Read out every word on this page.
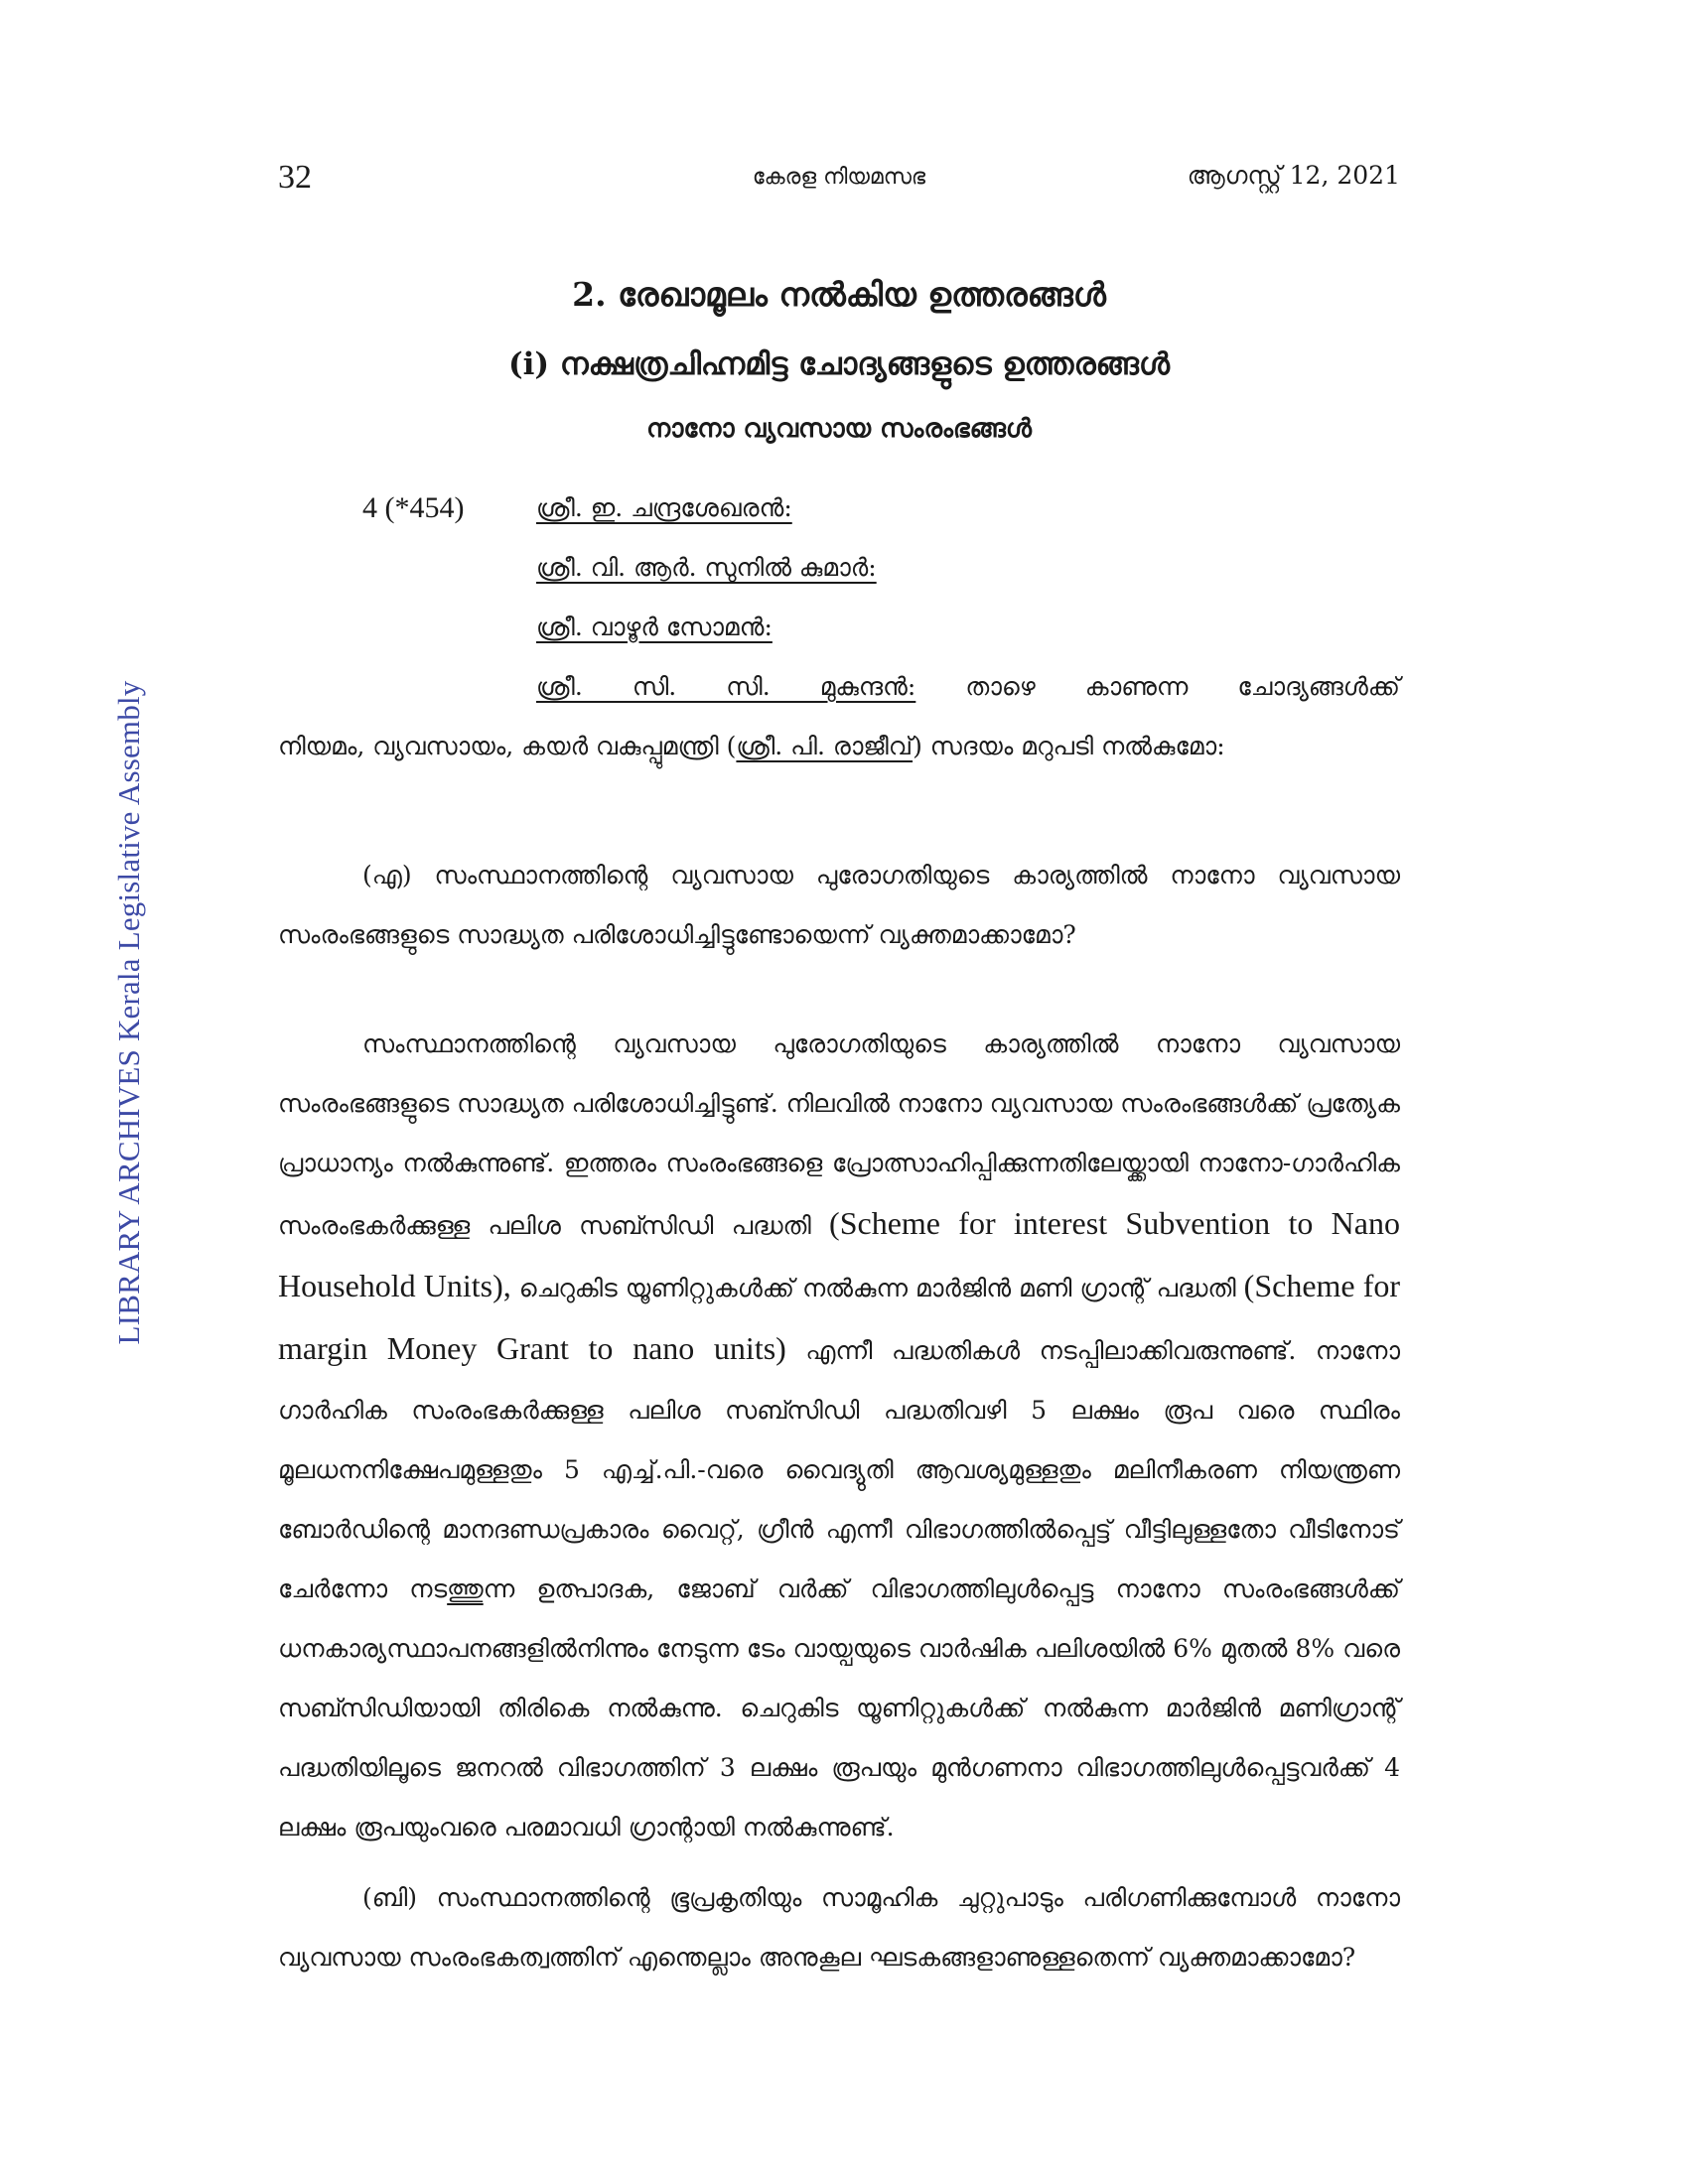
LIBRARY ARCHIVES Kerala Legislative Assembly
32	കേരള നിയമസഭ	ആഗസ്റ്റ് 12, 2021
2. രേഖാമൂലം നൽകിയ ഉത്തരങ്ങൾ
(i) നക്ഷത്രചിഹ്നമിട്ട ചോദ്യങ്ങളുടെ ഉത്തരങ്ങൾ
നാനോ വ്യവസായ സംരംഭങ്ങൾ
4 (*454)	ശ്രീ. ഇ. ചന്ദ്രശേഖരൻ:
ശ്രീ. വി. ആർ. സുനിൽ കുമാർ:
ശ്രീ. വാഴൂർ സോമൻ:
ശ്രീ. സി. സി. മുകുന്ദൻ: താഴെ കാണുന്ന ചോദ്യങ്ങൾക്ക്
നിയമം, വ്യവസായം, കയർ വകുപ്പുമന്ത്രി (ശ്രീ. പി. രാജീവ്) സദയം മറുപടി നൽകുമോ:
(എ) സംസ്ഥാനത്തിന്റെ വ്യവസായ പുരോഗതിയുടെ കാര്യത്തിൽ നാനോ വ്യവസായ സംരംഭങ്ങളുടെ സാദ്ധ്യത പരിശോധിച്ചിട്ടുണ്ടോയെന്ന് വ്യക്തമാക്കാമോ?
സംസ്ഥാനത്തിന്റെ വ്യവസായ പുരോഗതിയുടെ കാര്യത്തിൽ നാനോ വ്യവസായ സംരംഭങ്ങളുടെ സാദ്ധ്യത പരിശോധിച്ചിട്ടുണ്ട്. നിലവിൽ നാനോ വ്യവസായ സംരംഭങ്ങൾക്ക് പ്രത്യേക പ്രാധാന്യം നൽകുന്നുണ്ട്. ഇത്തരം സംരംഭങ്ങളെ പ്രോത്സാഹിപ്പിക്കുന്നതിലേയ്ക്കായി നാനോ-ഗാർഹിക സംരംഭകർക്കുള്ള പലിശ സബ്സിഡി പദ്ധതി (Scheme for interest Subvention to Nano Household Units), ചെറുകിട യൂണിറ്റുകൾക്ക് നൽകുന്ന മാർജിൻ മണി ഗ്രാന്റ് പദ്ധതി (Scheme for margin Money Grant to nano units) എന്നീ പദ്ധതികൾ നടപ്പിലാക്കിവരുന്നുണ്ട്. നാനോ ഗാർഹിക സംരംഭകർക്കുള്ള പലിശ സബ്സിഡി പദ്ധതിവഴി 5 ലക്ഷം രൂപ വരെ സ്ഥിരം മൂലധനനിക്ഷേപമുള്ളതും 5 എച്ച്.പി.-വരെ വൈദ്യുതി ആവശ്യമുള്ളതും മലിനീകരണ നിയന്ത്രണ ബോർഡിന്റെ മാനദണ്ഡപ്രകാരം വൈറ്റ്, ഗ്രീൻ എന്നീ വിഭാഗത്തിൽപ്പെട്ട് വീട്ടിലുള്ളതോ വീടിനോട് ചേർന്നോ നടത്തുന്ന ഉത്പാദക, ജോബ് വർക്ക് വിഭാഗത്തിലുൾപ്പെട്ട നാനോ സംരംഭങ്ങൾക്ക് ധനകാര്യസ്ഥാപനങ്ങളിൽനിന്നും നേടുന്ന ടേം വായ്പയുടെ വാർഷിക പലിശയിൽ 6% മുതൽ 8% വരെ സബ്സിഡിയായി തിരികെ നൽകുന്നു. ചെറുകിട യൂണിറ്റുകൾക്ക് നൽകുന്ന മാർജിൻ മണിഗ്രാന്റ് പദ്ധതിയിലൂടെ ജനറൽ വിഭാഗത്തിന് 3 ലക്ഷം രൂപയും മുൻഗണനാ വിഭാഗത്തിലുൾപ്പെട്ടവർക്ക് 4 ലക്ഷം രൂപയുംവരെ പരമാവധി ഗ്രാന്റായി നൽകുന്നുണ്ട്.
(ബി) സംസ്ഥാനത്തിന്റെ ഭൂപ്രകൃതിയും സാമൂഹിക ചുറ്റുപാടും പരിഗണിക്കുമ്പോൾ നാനോ വ്യവസായ സംരംഭകത്വത്തിന് എന്തെല്ലാം അനുകൂല ഘടകങ്ങളാണുള്ളതെന്ന് വ്യക്തമാക്കാമോ?
